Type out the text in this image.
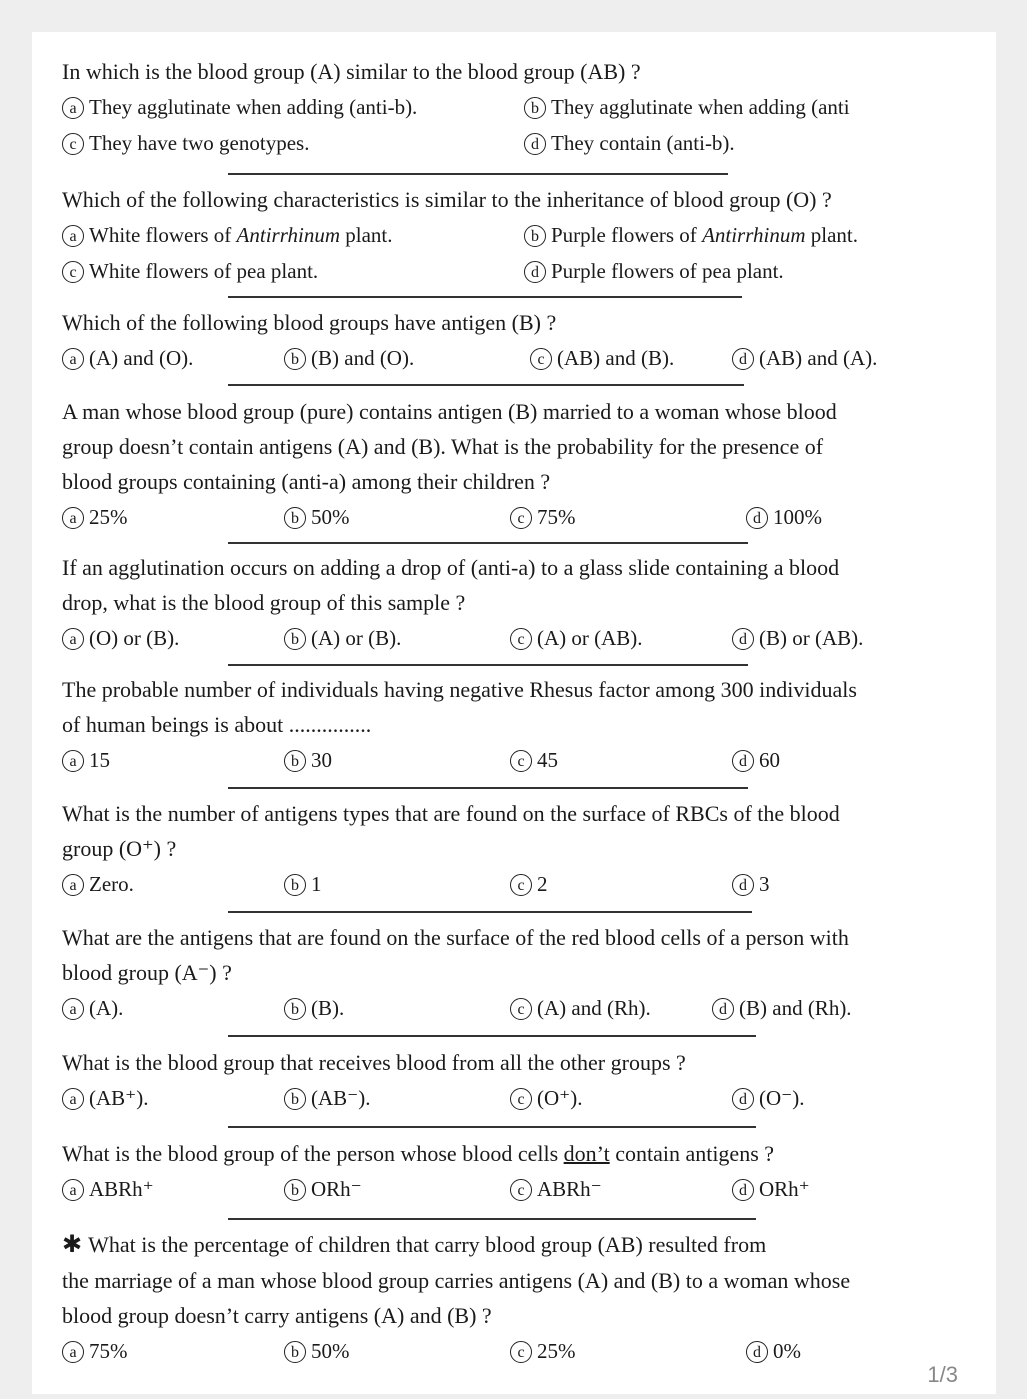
In which is the blood group (A) similar to the blood group (AB) ?

a They agglutinate when adding (anti-b).	b They agglutinate when adding (anti
c They have two genotypes.	d They contain (anti-b).

Which of the following characteristics is similar to the inheritance of blood group (O) ?

a White flowers of Antirrhinum plant.	b Purple flowers of Antirrhinum plant.
c White flowers of pea plant.	d Purple flowers of pea plant.

Which of the following blood groups have antigen (B) ?

a (A) and (O).	b (B) and (O).	c (AB) and (B).	d (AB) and (A).

A man whose blood group (pure) contains antigen (B) married to a woman whose blood
group doesn’t contain antigens (A) and (B). What is the probability for the presence of
blood groups containing (anti-a) among their children ?

a 25%	b 50%	c 75%	d 100%

If an agglutination occurs on adding a drop of (anti-a) to a glass slide containing a blood
drop, what is the blood group of this sample ?

a (O) or (B).	b (A) or (B).	c (A) or (AB).	d (B) or (AB).

The probable number of individuals having negative Rhesus factor among 300 individuals
of human beings is about ...............

a 15	b 30	c 45	d 60

What is the number of antigens types that are found on the surface of RBCs of the blood
group (O⁺) ?

a Zero.	b 1	c 2	d 3

What are the antigens that are found on the surface of the red blood cells of a person with
blood group (A⁻) ?

a (A).	b (B).	c (A) and (Rh).	d (B) and (Rh).

What is the blood group that receives blood from all the other groups ?

a (AB⁺).	b (AB⁻).	c (O⁺).	d (O⁻).

What is the blood group of the person whose blood cells don’t contain antigens ?

a ABRh⁺	b ORh⁻	c ABRh⁻	d ORh⁺

✱ What is the percentage of children that carry blood group (AB) resulted from
the marriage of a man whose blood group carries antigens (A) and (B) to a woman whose
blood group doesn’t carry antigens (A) and (B) ?

a 75%	b 50%	c 25%	d 0%
1/3
